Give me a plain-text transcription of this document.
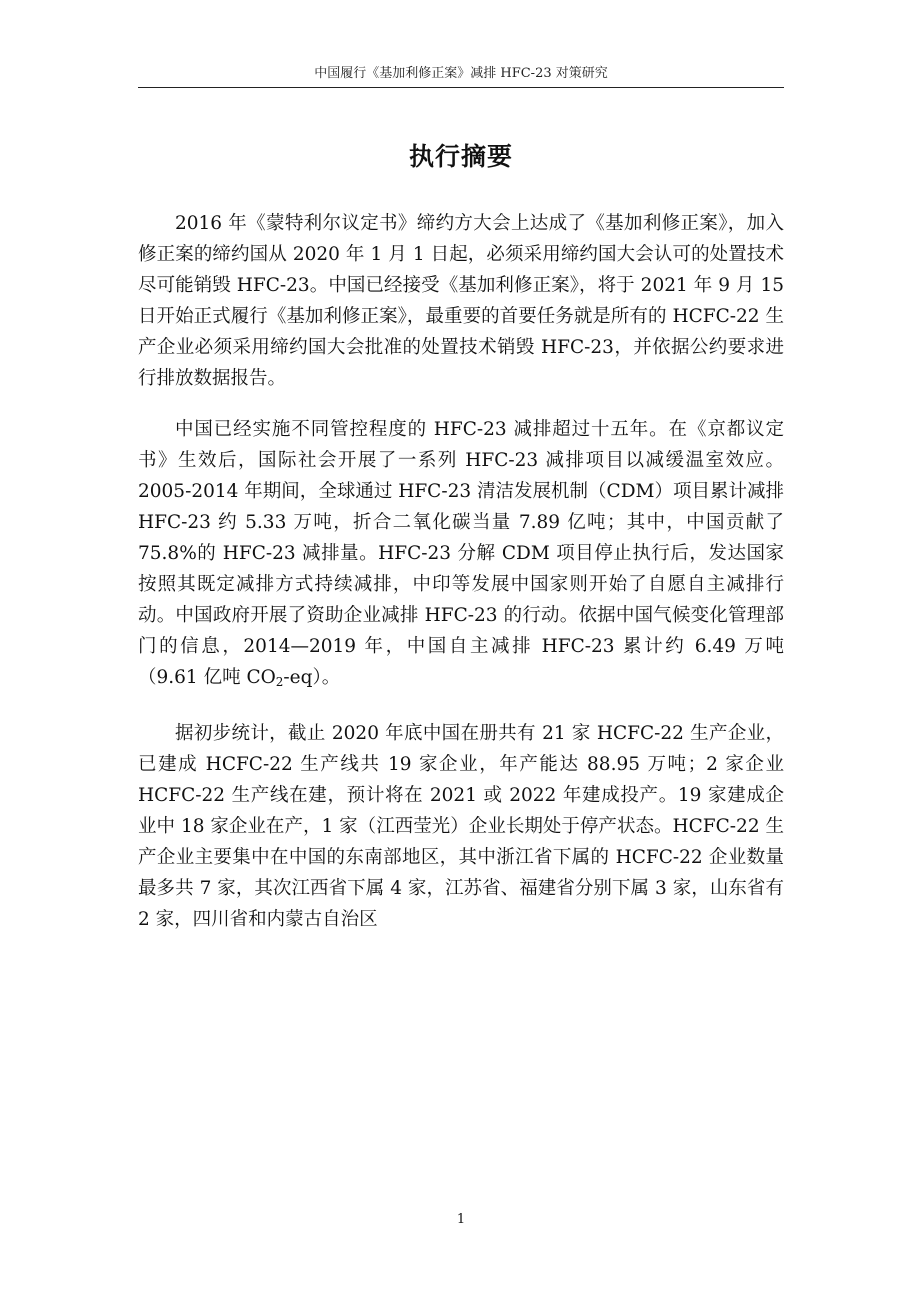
中国履行《基加利修正案》减排 HFC-23 对策研究
执行摘要

2016 年《蒙特利尔议定书》缔约方大会上达成了《基加利修正案》，加入修正案的缔约国从 2020 年 1 月 1 日起，必须采用缔约国大会认可的处置技术尽可能销毁 HFC-23。中国已经接受《基加利修正案》，将于 2021 年 9 月 15 日开始正式履行《基加利修正案》，最重要的首要任务就是所有的 HCFC-22 生产企业必须采用缔约国大会批准的处置技术销毁 HFC-23，并依据公约要求进行排放数据报告。

中国已经实施不同管控程度的 HFC-23 减排超过十五年。在《京都议定书》生效后，国际社会开展了一系列 HFC-23 减排项目以减缓温室效应。2005-2014 年期间，全球通过 HFC-23 清洁发展机制（CDM）项目累计减排 HFC-23 约 5.33 万吨，折合二氧化碳当量 7.89 亿吨；其中，中国贡献了 75.8%的 HFC-23 减排量。HFC-23 分解 CDM 项目停止执行后，发达国家按照其既定减排方式持续减排，中印等发展中国家则开始了自愿自主减排行动。中国政府开展了资助企业减排 HFC-23 的行动。依据中国气候变化管理部门的信息，2014—2019 年，中国自主减排 HFC-23 累计约 6.49 万吨（9.61 亿吨 $CO_2-eq$）。

据初步统计，截止 2020 年底中国在册共有 21 家 HCFC-22 生产企业，已建成 HCFC-22 生产线共 19 家企业，年产能达 88.95 万吨；2 家企业 HCFC-22 生产线在建，预计将在 2021 或 2022 年建成投产。19 家建成企业中 18 家企业在产，1 家（江西莹光）企业长期处于停产状态。HCFC-22 生产企业主要集中在中国的东南部地区，其中浙江省下属的 HCFC-22 企业数量最多共 7 家，其次江西省下属 4 家，江苏省、福建省分别下属 3 家，山东省有 2 家，四川省和内蒙古自治区

1
